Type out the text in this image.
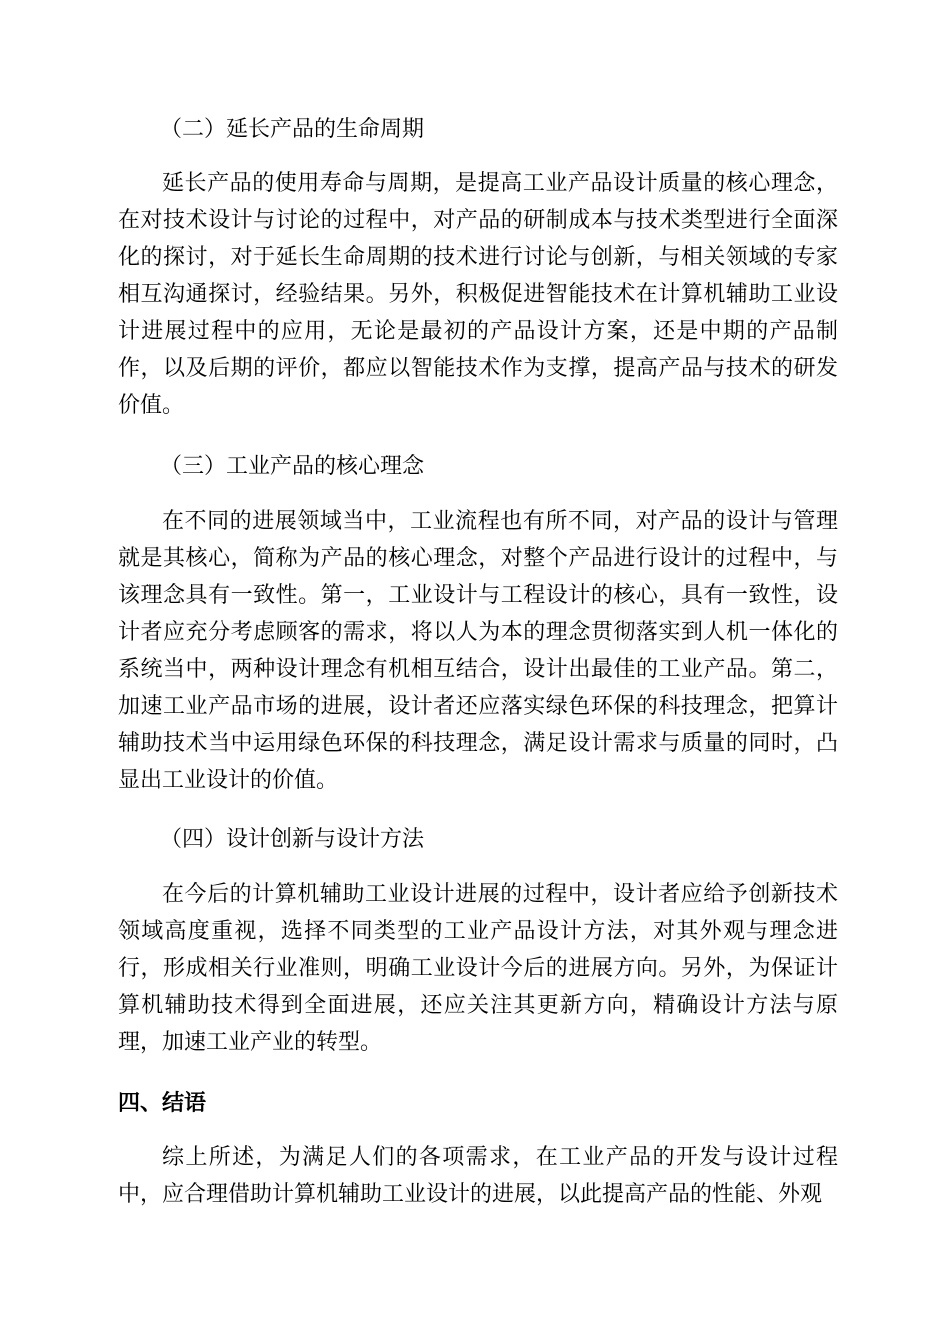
（二）延长产品的生命周期

延长产品的使用寿命与周期，是提高工业产品设计质量的核心理念，在对技术设计与讨论的过程中，对产品的研制成本与技术类型进行全面深化的探讨，对于延长生命周期的技术进行讨论与创新，与相关领域的专家相互沟通探讨，经验结果。另外，积极促进智能技术在计算机辅助工业设计进展过程中的应用，无论是最初的产品设计方案，还是中期的产品制作，以及后期的评价，都应以智能技术作为支撑，提高产品与技术的研发价值。

（三）工业产品的核心理念

在不同的进展领域当中，工业流程也有所不同，对产品的设计与管理就是其核心，简称为产品的核心理念，对整个产品进行设计的过程中，与该理念具有一致性。第一，工业设计与工程设计的核心，具有一致性，设计者应充分考虑顾客的需求，将以人为本的理念贯彻落实到人机一体化的系统当中，两种设计理念有机相互结合，设计出最佳的工业产品。第二，加速工业产品市场的进展，设计者还应落实绿色环保的科技理念，把算计辅助技术当中运用绿色环保的科技理念，满足设计需求与质量的同时，凸显出工业设计的价值。

（四）设计创新与设计方法

在今后的计算机辅助工业设计进展的过程中，设计者应给予创新技术领域高度重视，选择不同类型的工业产品设计方法，对其外观与理念进行，形成相关行业准则，明确工业设计今后的进展方向。另外，为保证计算机辅助技术得到全面进展，还应关注其更新方向，精确设计方法与原理，加速工业产业的转型。

四、结语

综上所述，为满足人们的各项需求，在工业产品的开发与设计过程中，应合理借助计算机辅助工业设计的进展，以此提高产品的性能、外观
